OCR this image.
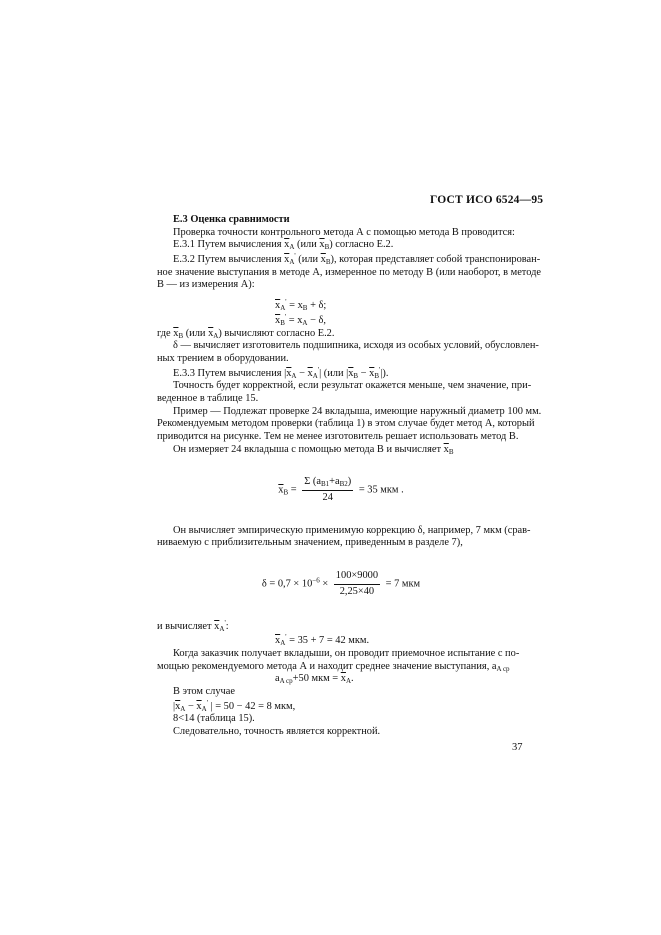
ГОСТ ИСО 6524—95
Е.3 Оценка сравнимости
Проверка точности контрольного метода А с помощью метода В проводится:
Е.3.1 Путем вычисления $\overline{x}_A$ (или $\overline{x}_B$) согласно Е.2.
Е.3.2 Путем вычисления $\overline{x}_A'$ (или $\overline{x}_B$), которая представляет собой транспонирован-
ное значение выступания в методе А, измеренное по методу В (или наоборот, в методе
В — из измерения А):
$\overline{x}_A' = x_В + \delta$;
$\overline{x}_B' = x_A - \delta$,
где $\overline{x}_В$ (или $\overline{x}_A$) вычисляют согласно Е.2.
δ — вычисляет изготовитель подшипника, исходя из особых условий, обусловлен-
ных трением в оборудовании.
Е.3.3 Путем вычисления $|\overline{x}_A - \overline{x}_A'|$ (или $|\overline{x}_B - \overline{x}_B'|$).
Точность будет корректной, если результат окажется меньше, чем значение, при-
веденное в таблице 15.
Пример — Подлежат проверке 24 вкладыша, имеющие наружный диаметр 100 мм.
Рекомендуемым методом проверки (таблица 1) в этом случае будет метод А, который
приводится на рисунке. Тем не менее изготовитель решает использовать метод В.
Он измеряет 24 вкладыша с помощью метода В и вычисляет $\overline{x}_В$
$\overline{x}_В = \frac{\Sigma (a_{B1}+a_{B2})}{24} = 35$ мкм .
Он вычисляет эмпирическую применимую коррекцию δ, например, 7 мкм (срав-
ниваемую с приблизительным значением, приведенным в разделе 7),
$\delta = 0,7 \times 10^{-6} \times \frac{100\times 9000}{2,25\times 40} = 7$ мкм
и вычисляет $\overline{x}_A'$:
$\overline{x}_A' = 35 + 7 = 42$ мкм.
Когда заказчик получает вкладыши, он проводит приемочное испытание с по-
мощью рекомендуемого метода А и находит среднее значение выступания, $a_{A ср}$
$a_{A ср}+50$ мкм = $\overline{x}_A$.
В этом случае
$|\overline{x}_A - \overline{x}_A'$ | = 50 − 42 = 8 мкм,
8<14 (таблица 15).
Следовательно, точность является корректной.
37
